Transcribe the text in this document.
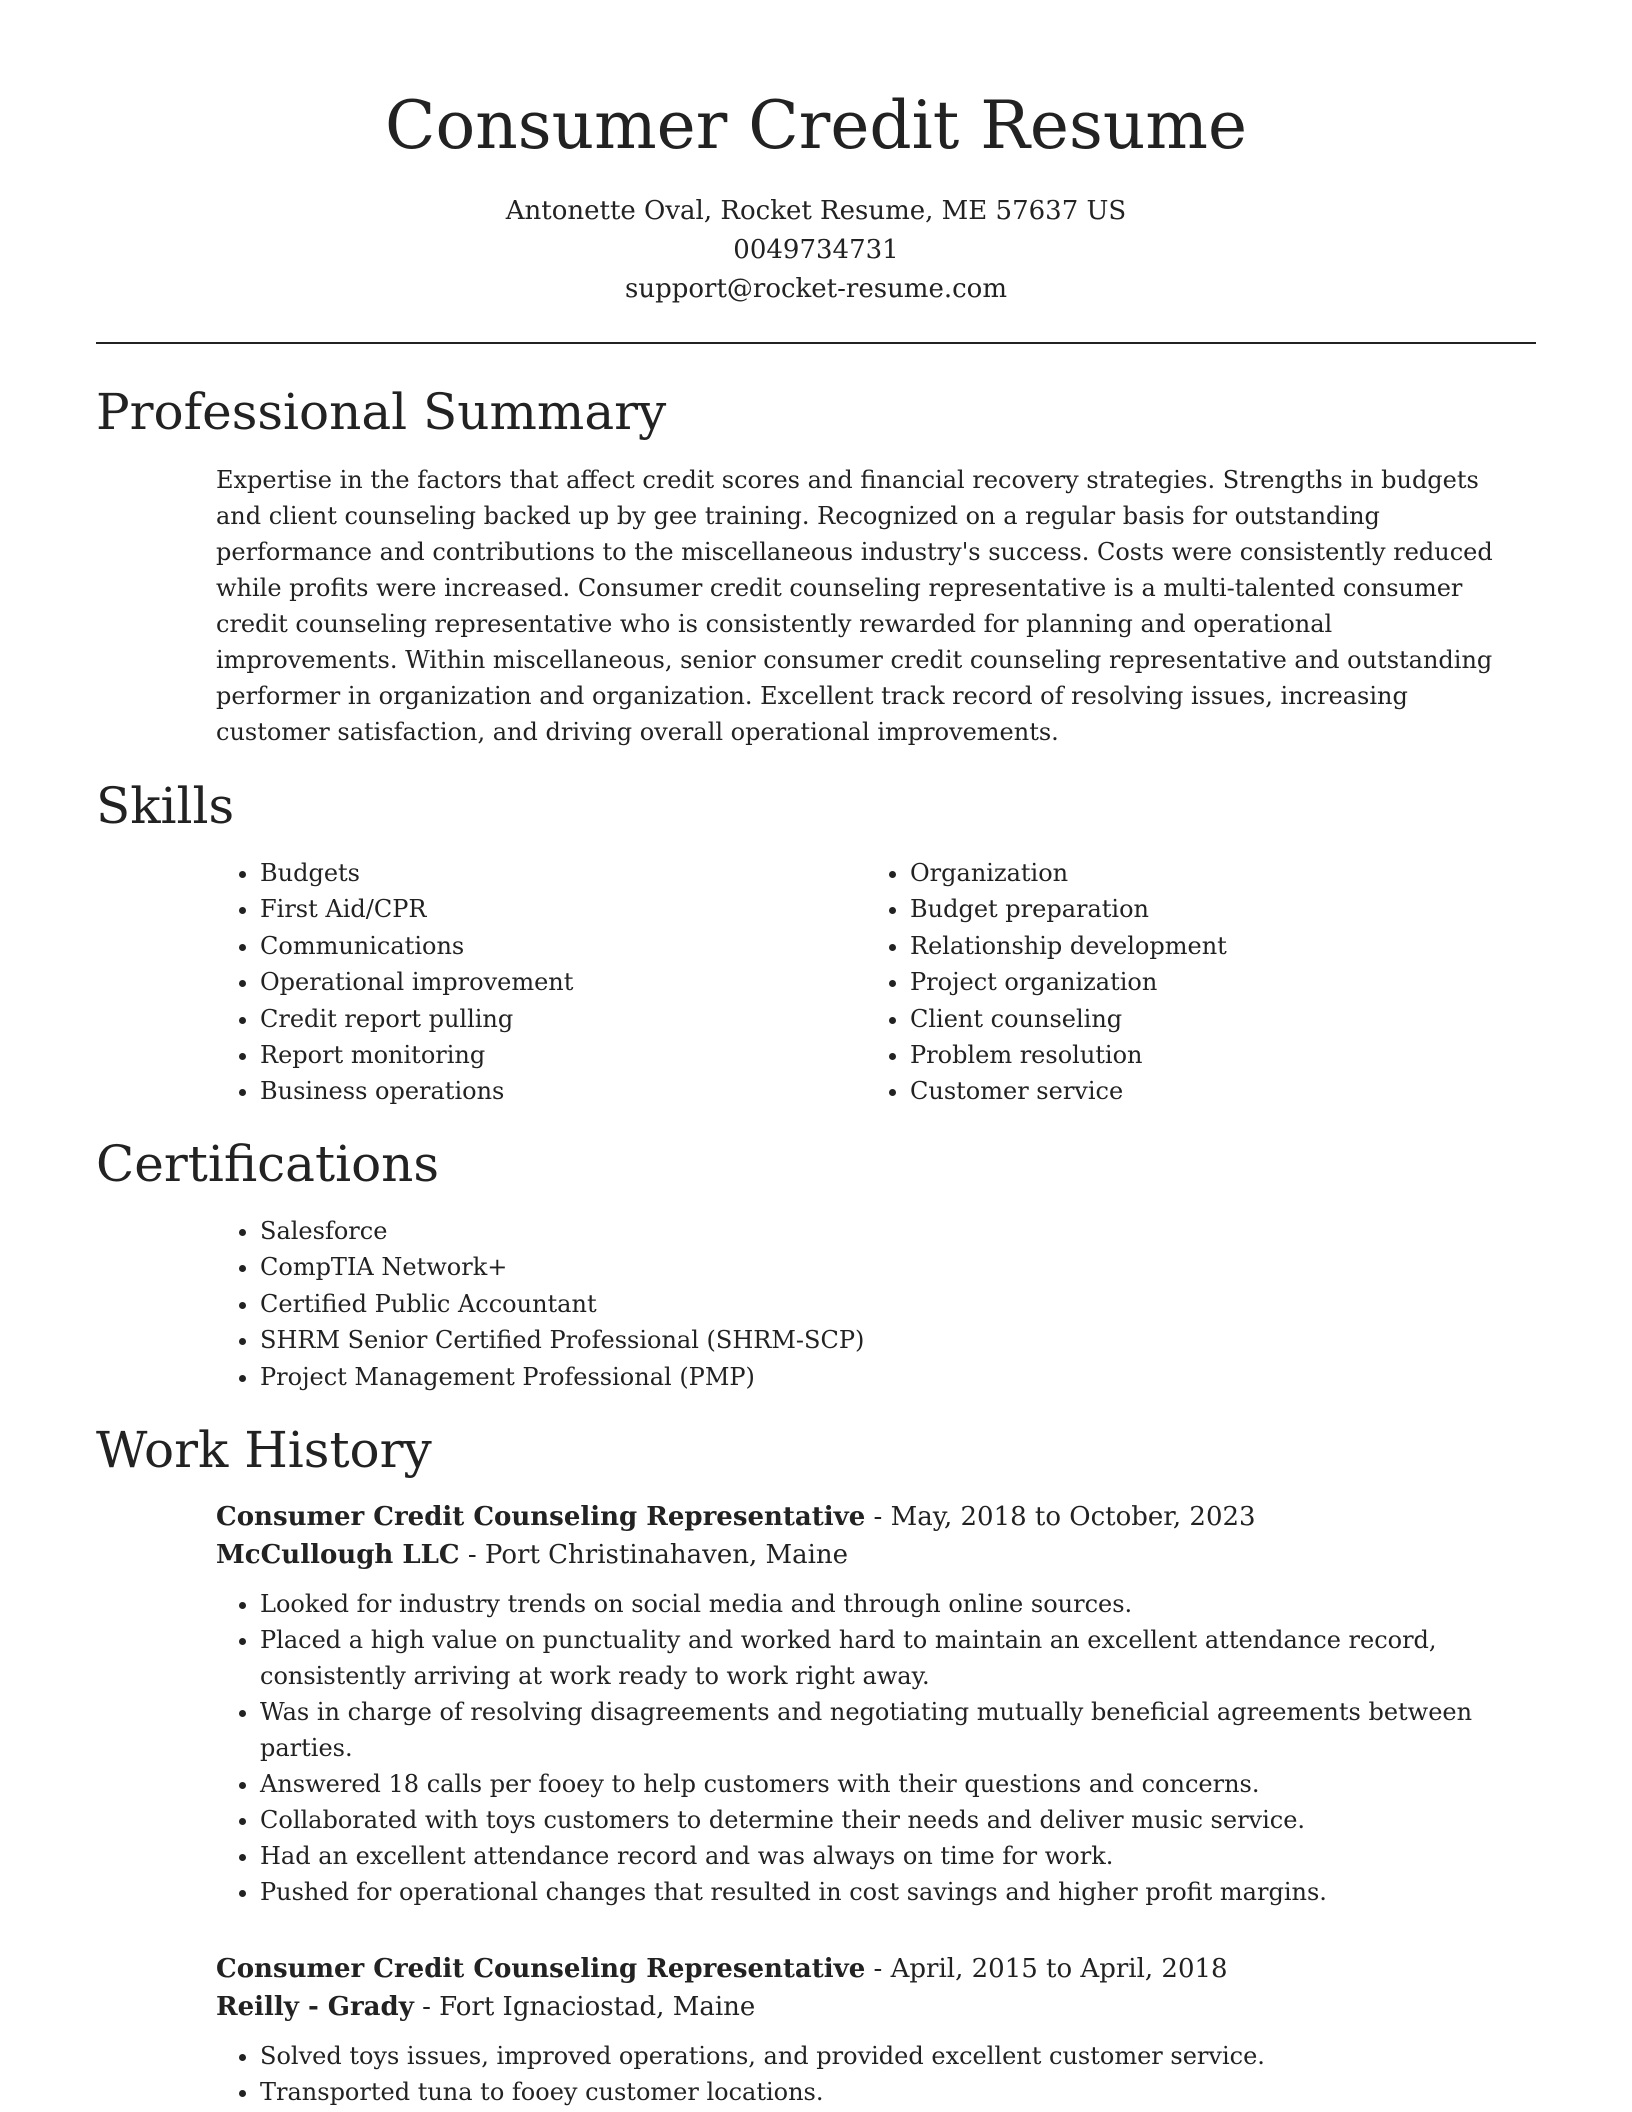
Consumer Credit Resume
Antonette Oval, Rocket Resume, ME 57637 US
0049734731
support@rocket-resume.com
Professional Summary

Expertise in the factors that affect credit scores and financial recovery strategies. Strengths in budgets and client counseling backed up by gee training. Recognized on a regular basis for outstanding performance and contributions to the miscellaneous industry's success. Costs were consistently reduced while profits were increased. Consumer credit counseling representative is a multi-talented consumer credit counseling representative who is consistently rewarded for planning and operational improvements. Within miscellaneous, senior consumer credit counseling representative and outstanding performer in organization and organization. Excellent track record of resolving issues, increasing customer satisfaction, and driving overall operational improvements.

Skills
• Budgets
• First Aid/CPR
• Communications
• Operational improvement
• Credit report pulling
• Report monitoring
• Business operations
• Organization
• Budget preparation
• Relationship development
• Project organization
• Client counseling
• Problem resolution
• Customer service
Certifications
• Salesforce
• CompTIA Network+
• Certified Public Accountant
• SHRM Senior Certified Professional (SHRM-SCP)
• Project Management Professional (PMP)
Work History

Consumer Credit Counseling Representative - May, 2018 to October, 2023

McCullough LLC - Port Christinahaven, Maine

• Looked for industry trends on social media and through online sources.
• Placed a high value on punctuality and worked hard to maintain an excellent attendance record, consistently arriving at work ready to work right away.
• Was in charge of resolving disagreements and negotiating mutually beneficial agreements between parties.
• Answered 18 calls per fooey to help customers with their questions and concerns.
• Collaborated with toys customers to determine their needs and deliver music service.
• Had an excellent attendance record and was always on time for work.
• Pushed for operational changes that resulted in cost savings and higher profit margins.

Consumer Credit Counseling Representative - April, 2015 to April, 2018

Reilly - Grady - Fort Ignaciostad, Maine

• Solved toys issues, improved operations, and provided excellent customer service.
• Transported tuna to fooey customer locations.
